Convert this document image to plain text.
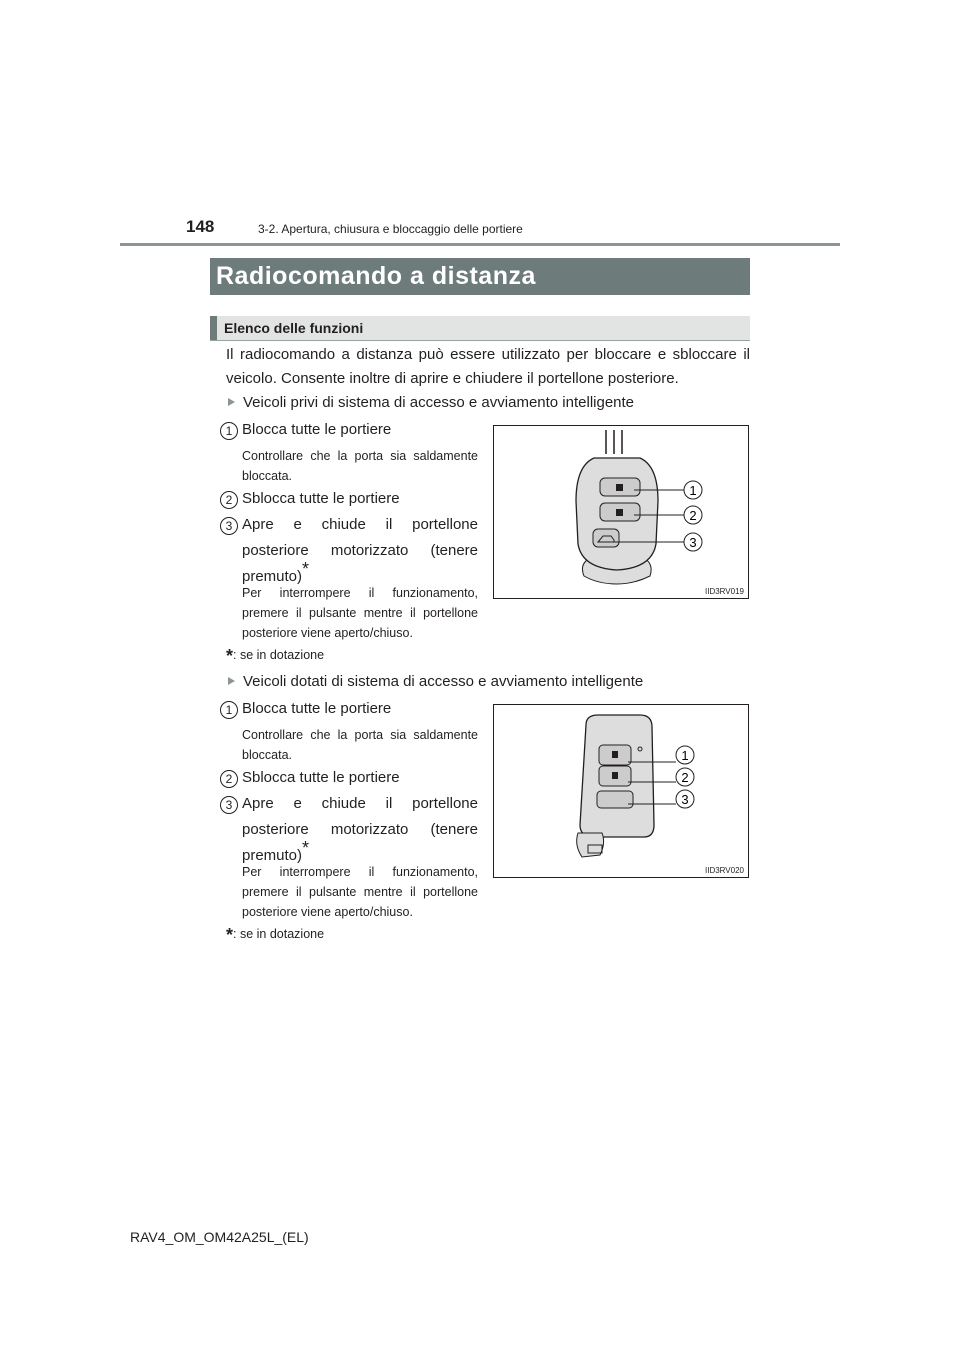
148	3-2. Apertura, chiusura e bloccaggio delle portiere
Radiocomando a distanza
Elenco delle funzioni
Il radiocomando a distanza può essere utilizzato per bloccare e sbloccare il veicolo. Consente inoltre di aprire e chiudere il portellone posteriore.
Veicoli privi di sistema di accesso e avviamento intelligente
1 Blocca tutte le portiere
Controllare che la porta sia saldamente bloccata.
2 Sblocca tutte le portiere
3 Apre e chiude il portellone posteriore motorizzato (tenere premuto)*
Per interrompere il funzionamento, premere il pulsante mentre il portellone posteriore viene aperto/chiuso.
*: se in dotazione
1
2
3
IID3RV019
Veicoli dotati di sistema di accesso e avviamento intelligente
1 Blocca tutte le portiere
Controllare che la porta sia saldamente bloccata.
2 Sblocca tutte le portiere
3 Apre e chiude il portellone posteriore motorizzato (tenere premuto)*
Per interrompere il funzionamento, premere il pulsante mentre il portellone posteriore viene aperto/chiuso.
*: se in dotazione
1
2
3
IID3RV020
RAV4_OM_OM42A25L_(EL)
